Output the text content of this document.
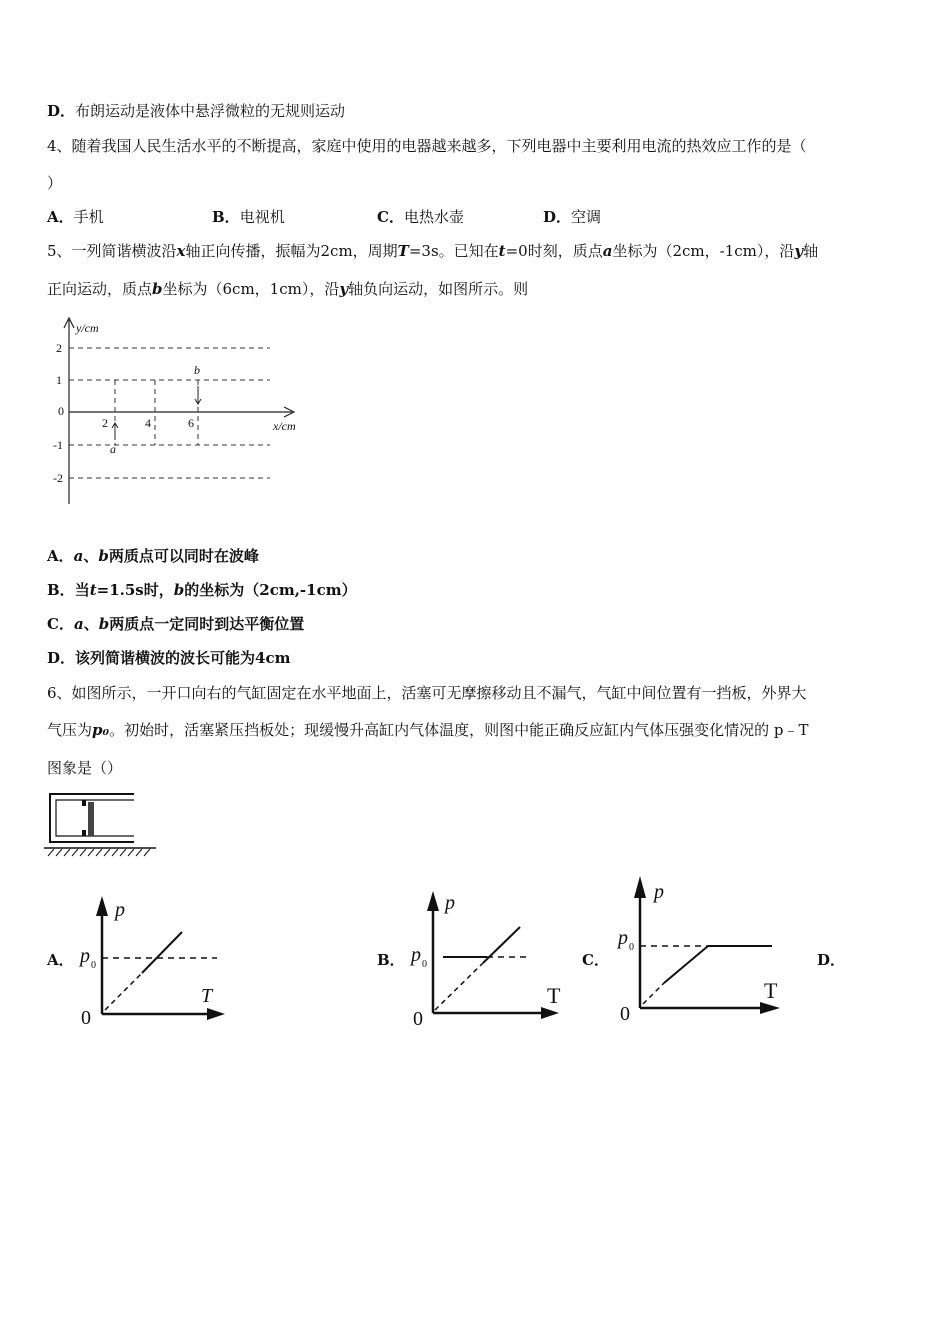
D．布朗运动是液体中悬浮微粒的无规则运动
4、随着我国人民生活水平的不断提高，家庭中使用的电器越来越多，下列电器中主要利用电流的热效应工作的是（
）
A．手机	B．电视机	C．电热水壶	D．空调
5、一列简谐横波沿x轴正向传播，振幅为2cm，周期T=3s。已知在t=0时刻，质点a坐标为（2cm，-1cm），沿y轴
正向运动，质点b坐标为（6cm，1cm），沿y轴负向运动，如图所示。则
y/cm
x/cm
a
b
2
1
0
-1
-2
2	4	6
A．a、b两质点可以同时在波峰
B．当t=1.5s时，b的坐标为（2cm,-1cm）
C．a、b两质点一定同时到达平衡位置
D．该列简谐横波的波长可能为4cm
6、如图所示，一开口向右的气缸固定在水平地面上，活塞可无摩擦移动且不漏气，气缸中间位置有一挡板，外界大
气压为p₀。初始时，活塞紧压挡板处；现缓慢升高缸内气体温度，则图中能正确反应缸内气体压强变化情况的 p﹣T
图象是（）
A．	B．	C．	D．
p
T
p 0
0
p
p 0
T
0
p
p 0
T
0
